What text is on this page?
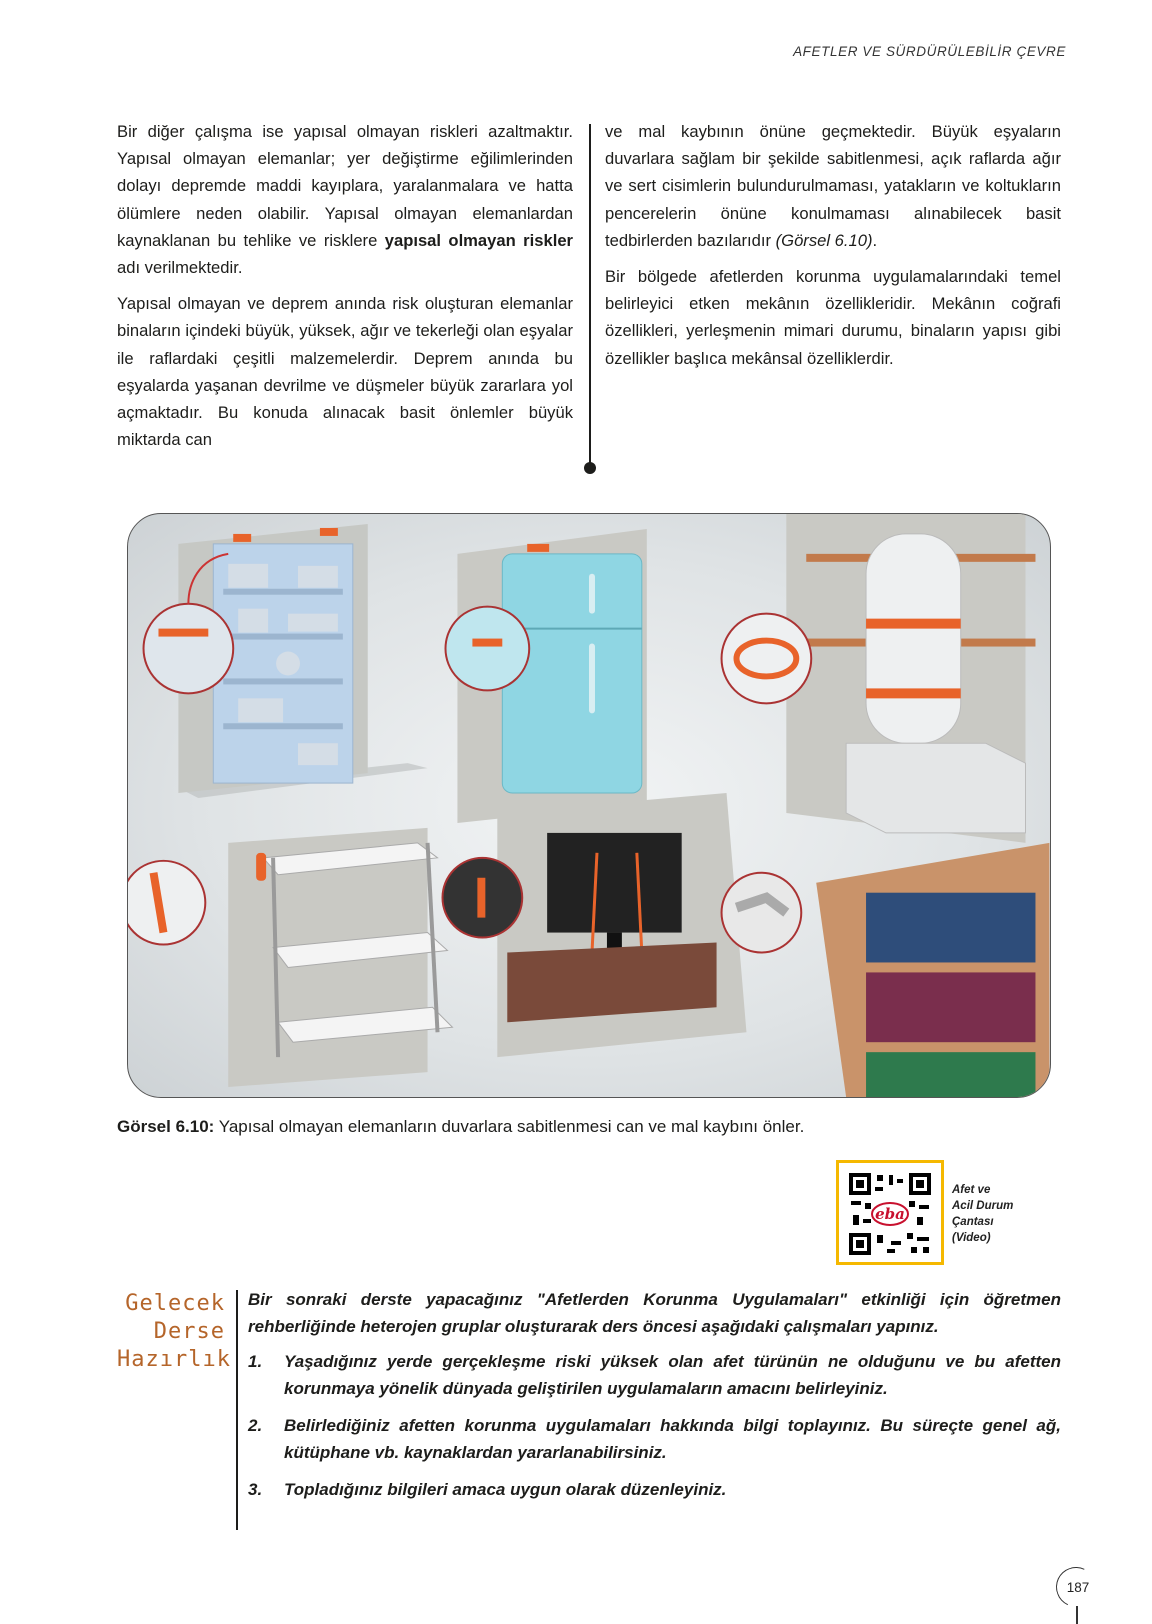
AFETLER VE SÜRDÜRÜLEBİLİR ÇEVRE

Bir diğer çalışma ise yapısal olmayan riskleri azaltmaktır. Yapısal olmayan elemanlar; yer değiştirme eğilimlerinden dolayı depremde maddi kayıplara, yaralanmalara ve hatta ölümlere neden olabilir. Yapısal olmayan elemanlardan kaynaklanan bu tehlike ve risklere yapısal olmayan riskler adı verilmektedir.

Yapısal olmayan ve deprem anında risk oluşturan elemanlar binaların içindeki büyük, yüksek, ağır ve tekerleği olan eşyalar ile raflardaki çeşitli malzemelerdir. Deprem anında bu eşyalarda yaşanan devrilme ve düşmeler büyük zararlara yol açmaktadır. Bu konuda alınacak basit önlemler büyük miktarda can

ve mal kaybının önüne geçmektedir. Büyük eşyaların duvarlara sağlam bir şekilde sabitlenmesi, açık raflarda ağır ve sert cisimlerin bulundurulmaması, yatakların ve koltukların pencerelerin önüne konulmaması alınabilecek basit tedbirlerden bazılarıdır (Görsel 6.10).

Bir bölgede afetlerden korunma uygulamalarındaki temel belirleyici etken mekânın özellikleridir. Mekânın coğrafi özellikleri, yerleşmenin mimari durumu, binaların yapısı gibi özellikler başlıca mekânsal özelliklerdir.

Görsel 6.10: Yapısal olmayan elemanların duvarlara sabitlenmesi can ve mal kaybını önler.
eba
Afet ve
Acil Durum
Çantası
(Video)
Gelecek
Derse
Hazırlık

Bir sonraki derste yapacağınız "Afetlerden Korunma Uygulamaları" etkinliği için öğretmen rehberliğinde heterojen gruplar oluşturarak ders öncesi aşağıdaki çalışmaları yapınız.

1.	Yaşadığınız yerde gerçekleşme riski yüksek olan afet türünün ne olduğunu ve bu afetten korunmaya yönelik dünyada geliştirilen uygulamaların amacını belirleyiniz.
2.	Belirlediğiniz afetten korunma uygulamaları hakkında bilgi toplayınız. Bu süreçte genel ağ, kütüphane vb. kaynaklardan yararlanabilirsiniz.
3.	Topladığınız bilgileri amaca uygun olarak düzenleyiniz.
187
